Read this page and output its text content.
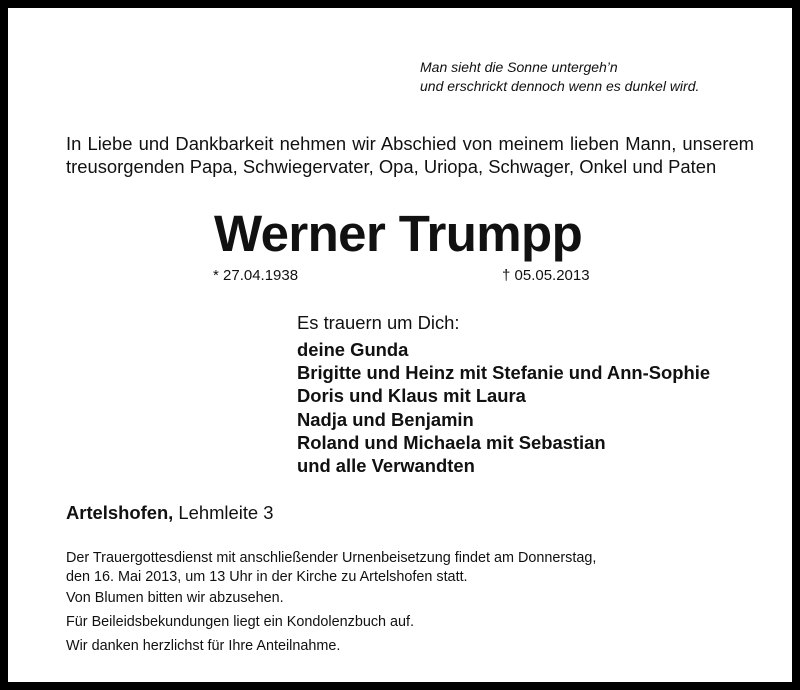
Man sieht die Sonne untergeh’n
und erschrickt dennoch wenn es dunkel wird.
In Liebe und Dankbarkeit nehmen wir Abschied von meinem lieben Mann, unserem treusorgenden Papa, Schwiegervater, Opa, Uriopa, Schwager, Onkel und Paten
Werner Trumpp
* 27.04.1938	† 05.05.2013
Es trauern um Dich:
deine Gunda
Brigitte und Heinz mit Stefanie und Ann-Sophie
Doris und Klaus mit Laura
Nadja und Benjamin
Roland und Michaela mit Sebastian
und alle Verwandten
Artelshofen, Lehmleite 3
Der Trauergottesdienst mit anschließender Urnenbeisetzung findet am Donnerstag,
den 16. Mai 2013, um 13 Uhr in der Kirche zu Artelshofen statt.
Von Blumen bitten wir abzusehen.
Für Beileidsbekundungen liegt ein Kondolenzbuch auf.
Wir danken herzlichst für Ihre Anteilnahme.
